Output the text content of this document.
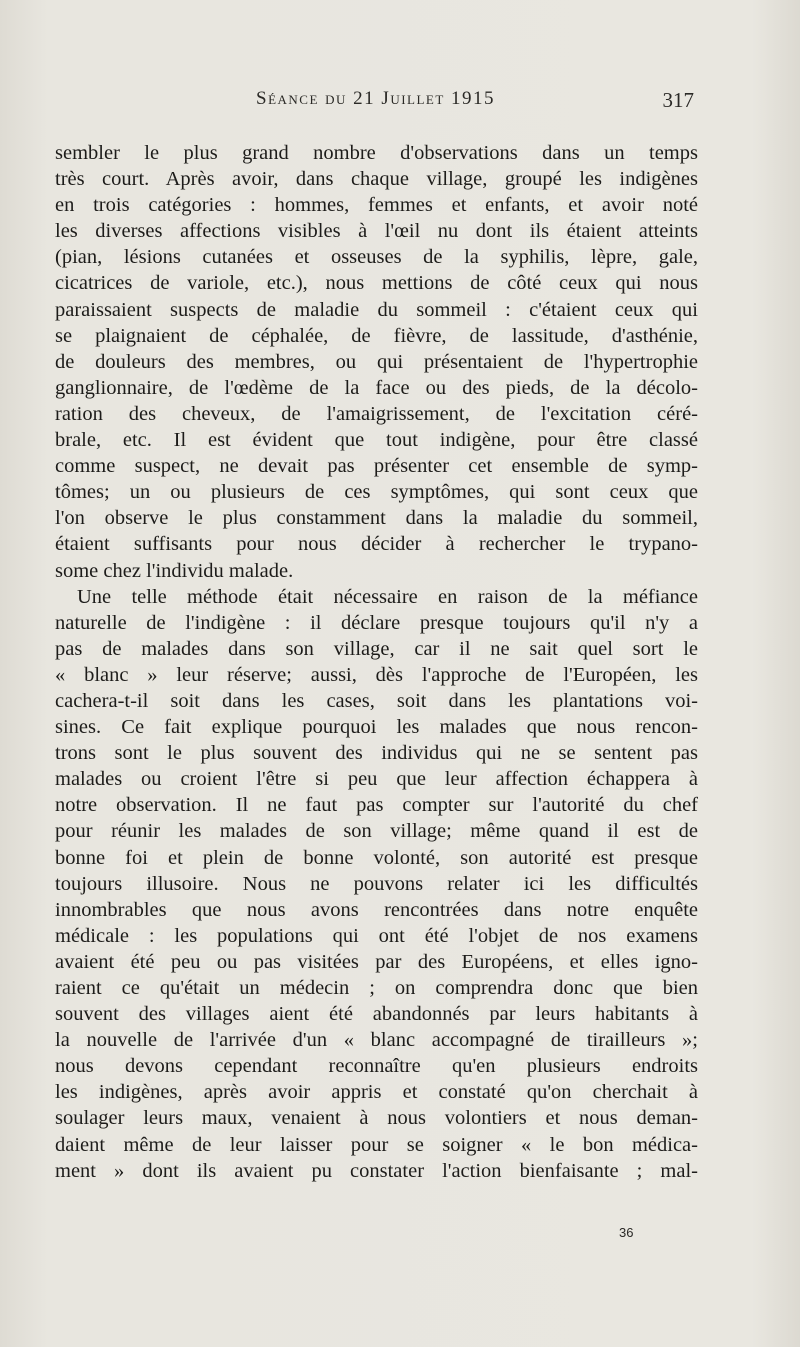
Séance du 21 Juillet 1915	317
sembler le plus grand nombre d'observations dans un temps
très court. Après avoir, dans chaque village, groupé les indigènes
en trois catégories : hommes, femmes et enfants, et avoir noté
les diverses affections visibles à l'œil nu dont ils étaient atteints
(pian, lésions cutanées et osseuses de la syphilis, lèpre, gale,
cicatrices de variole, etc.), nous mettions de côté ceux qui nous
paraissaient suspects de maladie du sommeil : c'étaient ceux qui
se plaignaient de céphalée, de fièvre, de lassitude, d'asthénie,
de douleurs des membres, ou qui présentaient de l'hypertrophie
ganglionnaire, de l'œdème de la face ou des pieds, de la décolo-
ration des cheveux, de l'amaigrissement, de l'excitation céré-
brale, etc. Il est évident que tout indigène, pour être classé
comme suspect, ne devait pas présenter cet ensemble de symp-
tômes; un ou plusieurs de ces symptômes, qui sont ceux que
l'on observe le plus constamment dans la maladie du sommeil,
étaient suffisants pour nous décider à rechercher le trypano-
some chez l'individu malade.
Une telle méthode était nécessaire en raison de la méfiance
naturelle de l'indigène : il déclare presque toujours qu'il n'y a
pas de malades dans son village, car il ne sait quel sort le
« blanc » leur réserve; aussi, dès l'approche de l'Européen, les
cachera-t-il soit dans les cases, soit dans les plantations voi-
sines. Ce fait explique pourquoi les malades que nous rencon-
trons sont le plus souvent des individus qui ne se sentent pas
malades ou croient l'être si peu que leur affection échappera à
notre observation. Il ne faut pas compter sur l'autorité du chef
pour réunir les malades de son village; même quand il est de
bonne foi et plein de bonne volonté, son autorité est presque
toujours illusoire. Nous ne pouvons relater ici les difficultés
innombrables que nous avons rencontrées dans notre enquête
médicale : les populations qui ont été l'objet de nos examens
avaient été peu ou pas visitées par des Européens, et elles igno-
raient ce qu'était un médecin ; on comprendra donc que bien
souvent des villages aient été abandonnés par leurs habitants à
la nouvelle de l'arrivée d'un « blanc accompagné de tirailleurs »;
nous devons cependant reconnaître qu'en plusieurs endroits
les indigènes, après avoir appris et constaté qu'on cherchait à
soulager leurs maux, venaient à nous volontiers et nous deman-
daient même de leur laisser pour se soigner « le bon médica-
ment » dont ils avaient pu constater l'action bienfaisante ; mal-
36
